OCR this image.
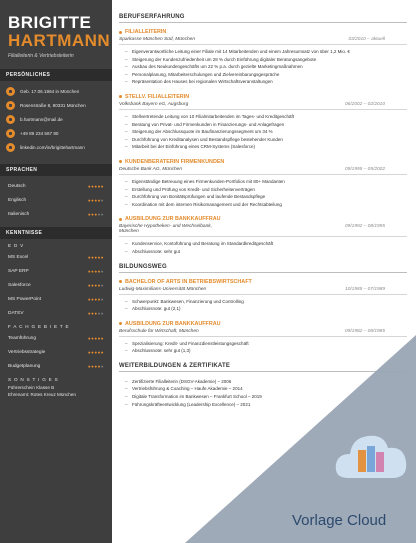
BRIGITTE
HARTMANN
Filialleiterin & Vertriebsleiterin
PERSÖNLICHES
Geb. 17.06.1964 in München
Rosenstraße 8, 80331 München
b.hartmann@mail.de
+49 89 234 567 80
linkedin.com/in/brigittehartmann
SPRACHEN
Deutsch	●●●●●
Englisch	●●●●●
Italienisch	●●●●●
KENNTNISSE
E D V
MS Excel	●●●●●
SAP ERP	●●●●●
Salesforce	●●●●●
MS PowerPoint	●●●●●
DATEV	●●●●●
F A C H G E B I E T E
Teamführung	●●●●●
Vertriebsstrategie	●●●●●
Budgetplanung	●●●●●
S O N S T I G E S
Führerschein Klasse B
Ehrenamt: Rotes Kreuz München
BERUFSERFAHRUNG
FILIALLEITERIN
Sparkasse München Süd, München	03/2010 – aktuell
– Eigenverantwortliche Leitung einer Filiale mit 14 Mitarbeitenden und einem Jahresumsatz von über 1,2 Mio. €
– Steigerung der Kundenzufriedenheit um 28 % durch Einführung digitaler Beratungsangebote
– Ausbau des Neukundengeschäfts um 22 % p.a. durch gezielte Marketingmaßnahmen
– Personalplanung, Mitarbeiterschulungen und Zielvereinbarungsgespräche
– Repräsentation des Hauses bei regionalen Wirtschaftsveranstaltungen
STELLV. FILIALLEITERIN
Volksbank Bayern eG, Augsburg	06/2002 – 02/2010
– Stellvertretende Leitung von 10 Filialmitarbeitenden im Tages- und Kreditgeschäft
– Beratung von Privat- und Firmenkunden in Finanzierungs- und Anlagefragen
– Steigerung der Abschlussquote im Baufinanzierungssegment um 34 %
– Durchführung von Kreditanalysen und Bestandspflege bestehender Kunden
– Mitarbeit bei der Einführung eines CRM-Systems (Salesforce)
KUNDENBERATERIN FIRMENKUNDEN
Deutsche Bank AG, München	09/1995 – 05/2002
– Eigenständige Betreuung eines Firmenkunden-Portfolios mit 80+ Mandanten
– Erstellung und Prüfung von Kredit- und Sicherheitenverträgen
– Durchführung von Bonitätsprüfungen und laufende Bestandspflege
– Koordination mit dem internen Risikomanagement und der Rechtsabteilung
AUSBILDUNG ZUR BANKKAUFFRAU
Bayerische Hypotheken- und Wechselbank,	09/1992 – 08/1995
München
– Kundenservice, Kontoführung und Beratung im Standardkreditgeschäft
– Abschlussnote: sehr gut
BILDUNGSWEG
BACHELOR OF ARTS IN BETRIEBSWIRTSCHAFT
Ludwig-Maximilians-Universität München	10/1985 – 07/1989
– Schwerpunkt: Bankwesen, Finanzierung und Controlling
– Abschlussnote: gut (2,1)
AUSBILDUNG ZUR BANKKAUFFRAU
Berufsschule für Wirtschaft, München	09/1982 – 08/1985
– Spezialisierung: Kredit- und Finanzdienstleistungsgeschäft
– Abschlussnote: sehr gut (1,3)
WEITERBILDUNGEN & ZERTIFIKATE
– Zertifizierte Filialleiterin (DSGV-Akademie) – 2006
– Vertriebsführung & Coaching – Haufe Akademie – 2014
– Digitale Transformation im Bankwesen – Frankfurt School – 2019
– Führungskräfteentwicklung (Leadership Excellence) – 2021
Vorlage Cloud
